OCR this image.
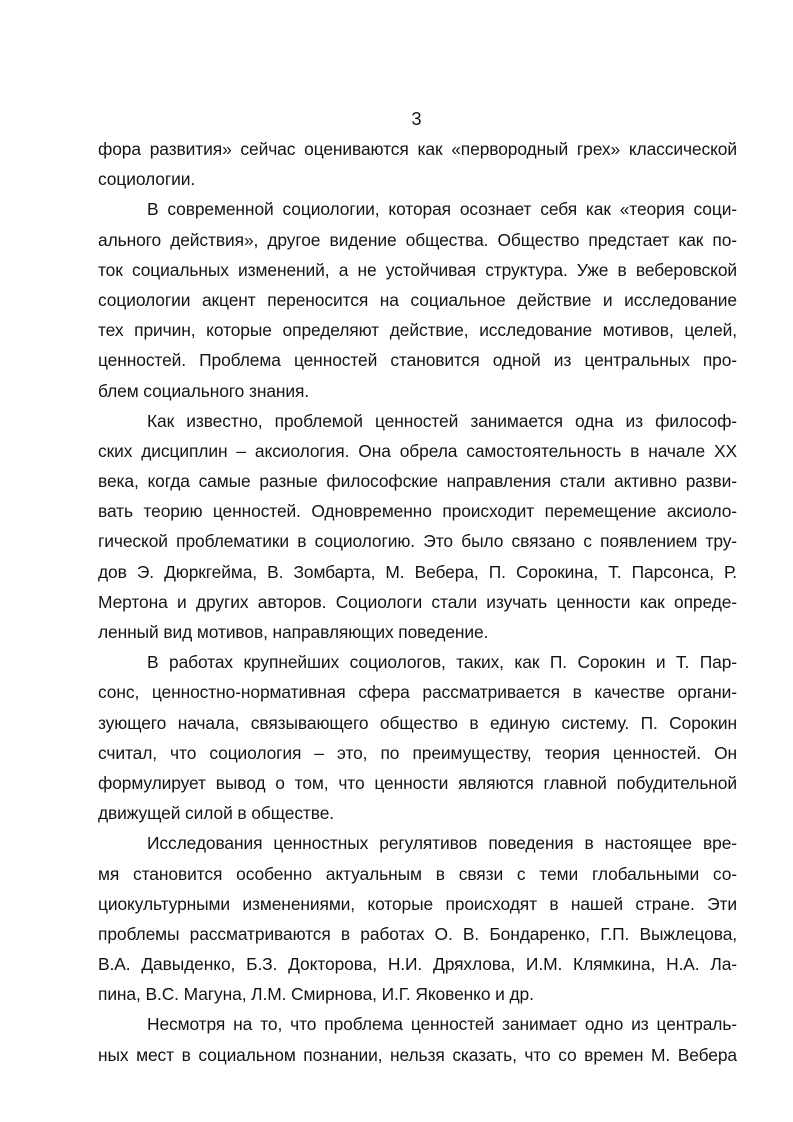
3
фора развития» сейчас оцениваются как «первородный грех» классической
социологии.
В современной социологии, которая осознает себя как «теория соци-
ального действия», другое видение общества. Общество предстает как по-
ток социальных изменений, а не устойчивая структура. Уже в веберовской
социологии акцент переносится на социальное действие и исследование
тех причин, которые определяют действие, исследование мотивов, целей,
ценностей. Проблема ценностей становится одной из центральных про-
блем социального знания.
Как известно, проблемой ценностей занимается одна из философ-
ских дисциплин – аксиология. Она обрела самостоятельность в начале XX
века, когда самые разные философские направления стали активно разви-
вать теорию ценностей. Одновременно происходит перемещение аксиоло-
гической проблематики в социологию. Это было связано с появлением тру-
дов Э. Дюркгейма, В. Зомбарта, М. Вебера, П. Сорокина, Т. Парсонса, Р.
Мертона и других авторов. Социологи стали изучать ценности как опреде-
ленный вид мотивов, направляющих поведение.
В работах крупнейших социологов, таких, как П. Сорокин и Т. Пар-
сонс, ценностно-нормативная сфера рассматривается в качестве органи-
зующего начала, связывающего общество в единую систему. П. Сорокин
считал, что социология – это, по преимуществу, теория ценностей. Он
формулирует вывод о том, что ценности являются главной побудительной
движущей силой в обществе.
Исследования ценностных регулятивов поведения в настоящее вре-
мя становится особенно актуальным в связи с теми глобальными со-
циокультурными изменениями, которые происходят в нашей стране. Эти
проблемы рассматриваются в работах О. В. Бондаренко, Г.П. Выжлецова,
В.А. Давыденко, Б.З. Докторова, Н.И. Дряхлова, И.М. Клямкина, Н.А. Ла-
пина, В.С. Магуна, Л.М. Смирнова, И.Г. Яковенко и др.
Несмотря на то, что проблема ценностей занимает одно из централь-
ных мест в социальном познании, нельзя сказать, что со времен М. Вебера
